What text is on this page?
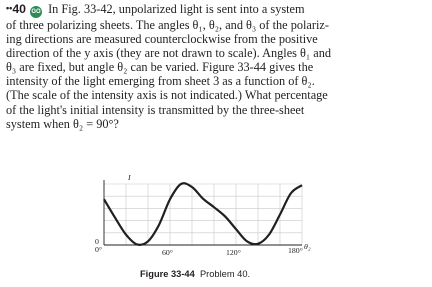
••40 GO In Fig. 33-42, unpolarized light is sent into a system
of three polarizing sheets. The angles θ₁, θ₂, and θ₃ of the polariz-
ing directions are measured counterclockwise from the positive
direction of the y axis (they are not drawn to scale). Angles θ₁ and
θ₃ are fixed, but angle θ₂ can be varied. Figure 33-44 gives the
intensity of the light emerging from sheet 3 as a function of θ₂.
(The scale of the intensity axis is not indicated.) What percentage
of the light's initial intensity is transmitted by the three-sheet
system when θ₂ = 90°?
I
0
0°	60°	120°	180° θ₂
Figure 33-44 Problem 40.
